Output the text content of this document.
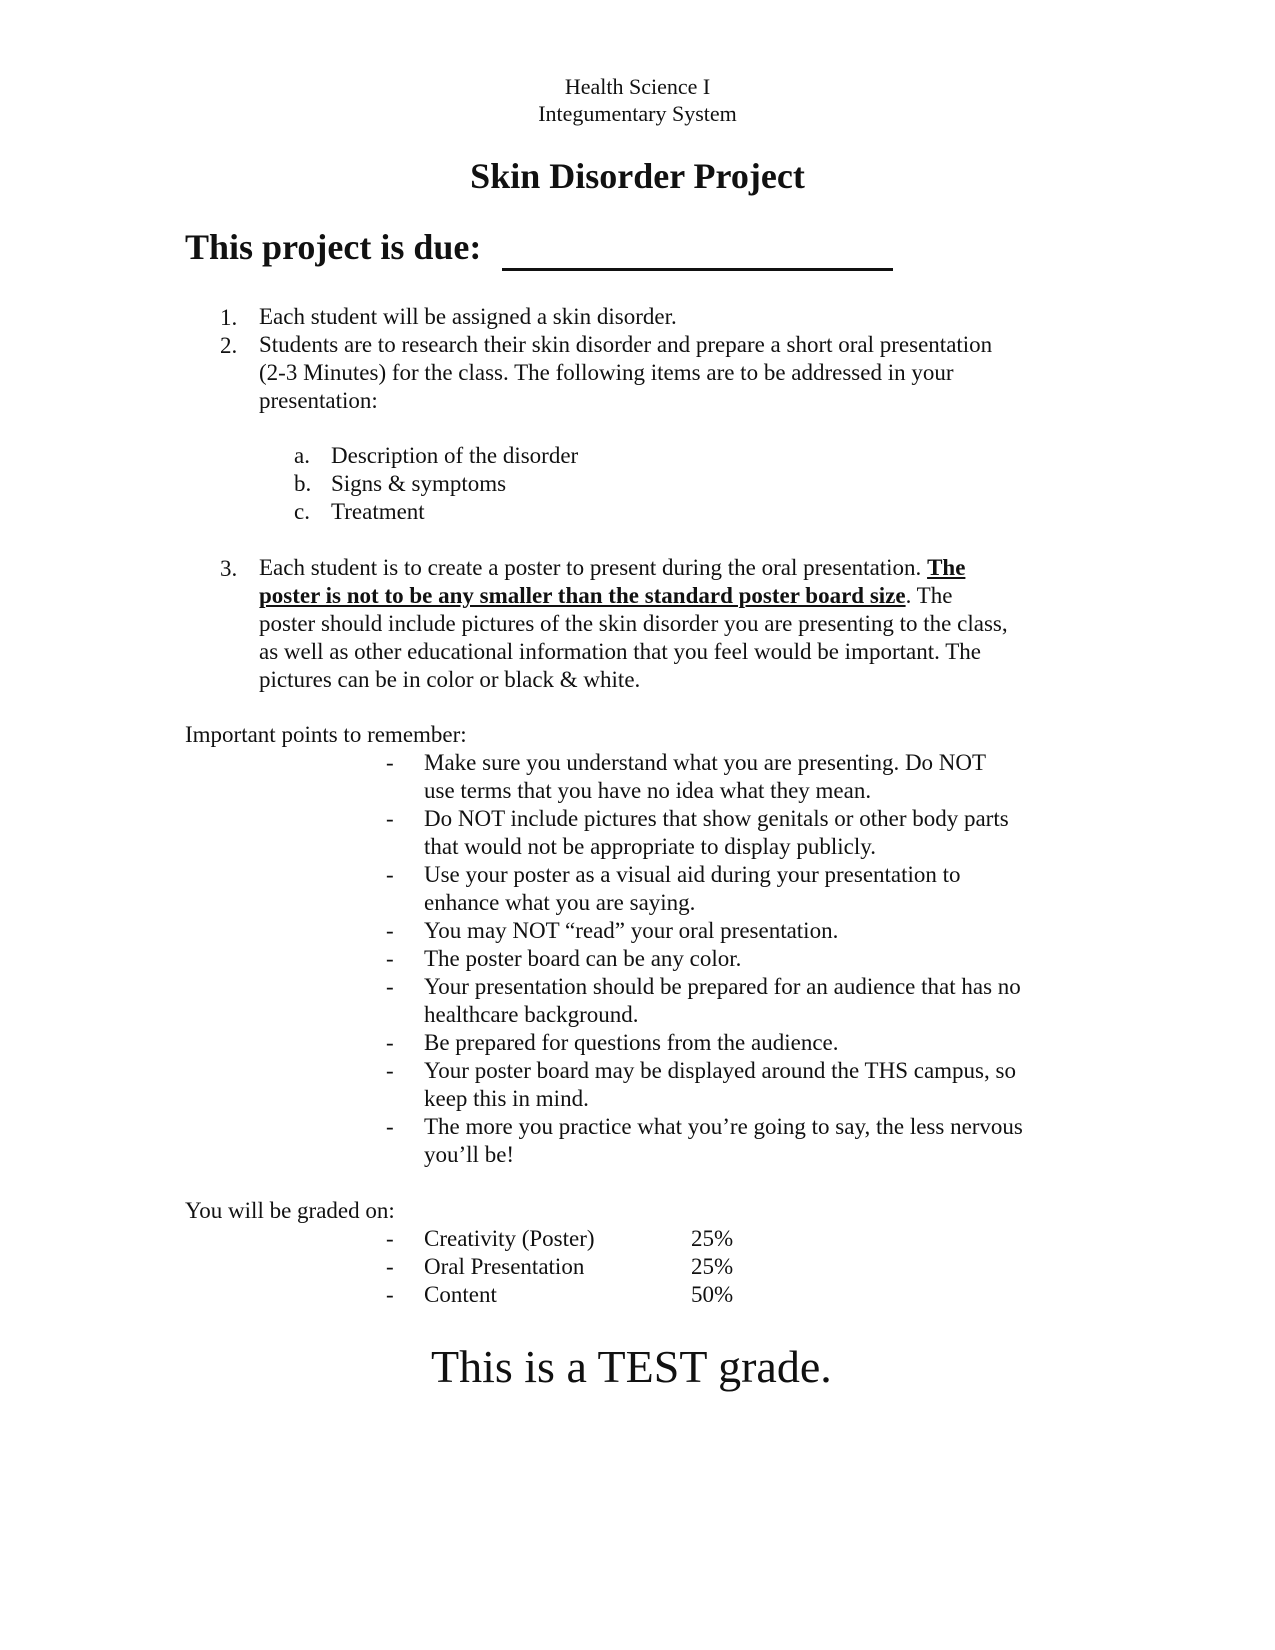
Health Science I
Integumentary System
Skin Disorder Project
This project is due:
1. Each student will be assigned a skin disorder.
2. Students are to research their skin disorder and prepare a short oral presentation
(2-3 Minutes) for the class. The following items are to be addressed in your
presentation:
a. Description of the disorder
b. Signs & symptoms
c. Treatment
3. Each student is to create a poster to present during the oral presentation. The
poster is not to be any smaller than the standard poster board size. The
poster should include pictures of the skin disorder you are presenting to the class,
as well as other educational information that you feel would be important. The
pictures can be in color or black & white.
Important points to remember:
- Make sure you understand what you are presenting. Do NOT
use terms that you have no idea what they mean.
- Do NOT include pictures that show genitals or other body parts
that would not be appropriate to display publicly.
- Use your poster as a visual aid during your presentation to
enhance what you are saying.
- You may NOT “read” your oral presentation.
- The poster board can be any color.
- Your presentation should be prepared for an audience that has no
healthcare background.
- Be prepared for questions from the audience.
- Your poster board may be displayed around the THS campus, so
keep this in mind.
- The more you practice what you’re going to say, the less nervous
you’ll be!
You will be graded on:
- Creativity (Poster)	25%
- Oral Presentation	25%
- Content	50%
This is a TEST grade.
